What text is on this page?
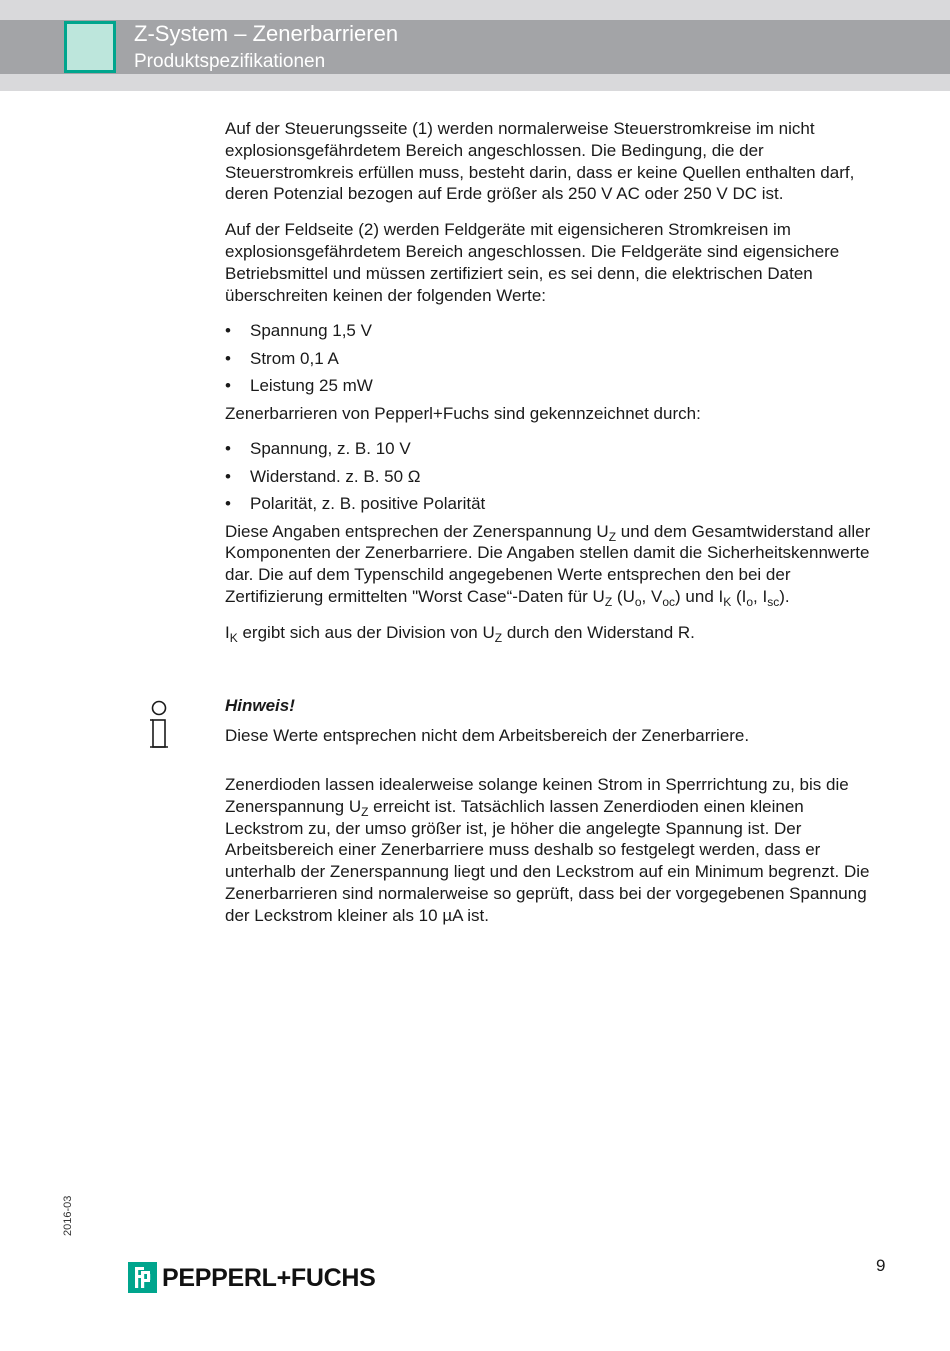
Z-System – Zenerbarrieren
Produktspezifikationen

Auf der Steuerungsseite (1) werden normalerweise Steuerstromkreise im nicht explosionsgefährdetem Bereich angeschlossen. Die Bedingung, die der Steuerstromkreis erfüllen muss, besteht darin, dass er keine Quellen enthalten darf, deren Potenzial bezogen auf Erde größer als 250 V AC oder 250 V DC ist.

Auf der Feldseite (2) werden Feldgeräte mit eigensicheren Stromkreisen im explosionsgefährdetem Bereich angeschlossen. Die Feldgeräte sind eigensichere Betriebsmittel und müssen zertifiziert sein, es sei denn, die elektrischen Daten überschreiten keinen der folgenden Werte:

• Spannung 1,5 V
• Strom 0,1 A
• Leistung 25 mW

Zenerbarrieren von Pepperl+Fuchs sind gekennzeichnet durch:

• Spannung, z. B. 10 V
• Widerstand. z. B. 50 Ω
• Polarität, z. B. positive Polarität

Diese Angaben entsprechen der Zenerspannung $U_Z$ und dem Gesamtwiderstand aller Komponenten der Zenerbarriere. Die Angaben stellen damit die Sicherheitskennwerte dar. Die auf dem Typenschild angegebenen Werte entsprechen den bei der Zertifizierung ermittelten "Worst Case“-Daten für $U_Z$ ($U_o$, $V_{oc}$) und $I_K$ ($I_o$, $I_{sc}$).

$I_K$ ergibt sich aus der Division von $U_Z$ durch den Widerstand R.

Hinweis!
Diese Werte entsprechen nicht dem Arbeitsbereich der Zenerbarriere.

Zenerdioden lassen idealerweise solange keinen Strom in Sperrrichtung zu, bis die Zenerspannung $U_Z$ erreicht ist. Tatsächlich lassen Zenerdioden einen kleinen Leckstrom zu, der umso größer ist, je höher die angelegte Spannung ist. Der Arbeitsbereich einer Zenerbarriere muss deshalb so festgelegt werden, dass er unterhalb der Zenerspannung liegt und den Leckstrom auf ein Minimum begrenzt. Die Zenerbarrieren sind normalerweise so geprüft, dass bei der vorgegebenen Spannung der Leckstrom kleiner als 10 µA ist.

2016-03
PEPPERL+FUCHS	9
